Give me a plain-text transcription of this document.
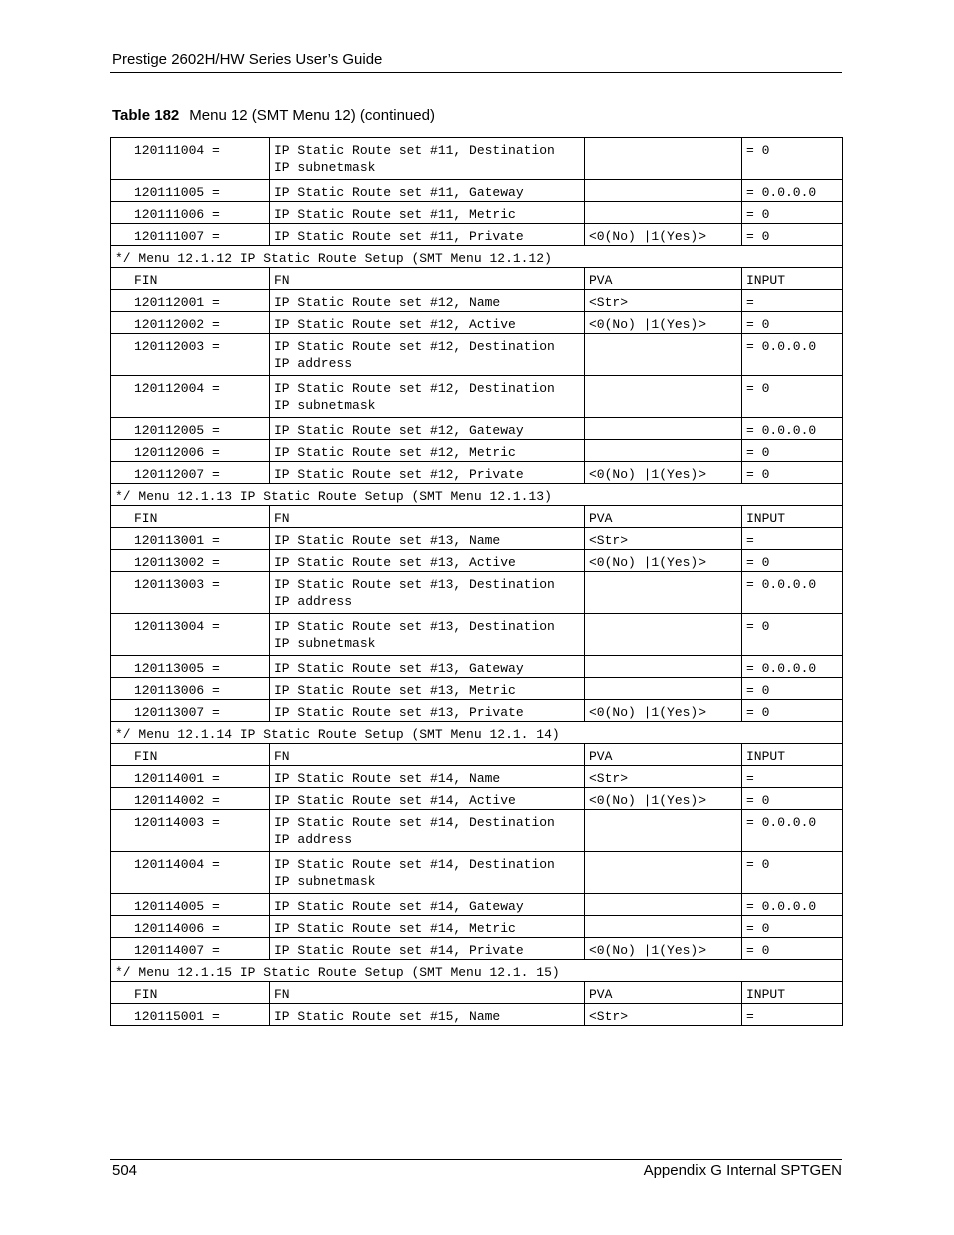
Prestige 2602H/HW Series User’s Guide
Table 182 Menu 12 (SMT Menu 12) (continued)
120111004 =	IP Static Route set #11, Destination
IP subnetmask		= 0
120111005 =	IP Static Route set #11, Gateway		= 0.0.0.0
120111006 =	IP Static Route set #11, Metric		= 0
120111007 =	IP Static Route set #11, Private	<0(No) |1(Yes)>	= 0
*/ Menu 12.1.12 IP Static Route Setup (SMT Menu 12.1.12)			
FIN	FN	PVA	INPUT
120112001 =	IP Static Route set #12, Name	<Str>	=
120112002 =	IP Static Route set #12, Active	<0(No) |1(Yes)>	= 0
120112003 =	IP Static Route set #12, Destination
IP address		= 0.0.0.0
120112004 =	IP Static Route set #12, Destination
IP subnetmask		= 0
120112005 =	IP Static Route set #12, Gateway		= 0.0.0.0
120112006 =	IP Static Route set #12, Metric		= 0
120112007 =	IP Static Route set #12, Private	<0(No) |1(Yes)>	= 0
*/ Menu 12.1.13 IP Static Route Setup (SMT Menu 12.1.13)			
FIN	FN	PVA	INPUT
120113001 =	IP Static Route set #13, Name	<Str>	=
120113002 =	IP Static Route set #13, Active	<0(No) |1(Yes)>	= 0
120113003 =	IP Static Route set #13, Destination
IP address		= 0.0.0.0
120113004 =	IP Static Route set #13, Destination
IP subnetmask		= 0
120113005 =	IP Static Route set #13, Gateway		= 0.0.0.0
120113006 =	IP Static Route set #13, Metric		= 0
120113007 =	IP Static Route set #13, Private	<0(No) |1(Yes)>	= 0
*/ Menu 12.1.14 IP Static Route Setup (SMT Menu 12.1. 14)			
FIN	FN	PVA	INPUT
120114001 =	IP Static Route set #14, Name	<Str>	=
120114002 =	IP Static Route set #14, Active	<0(No) |1(Yes)>	= 0
120114003 =	IP Static Route set #14, Destination
IP address		= 0.0.0.0
120114004 =	IP Static Route set #14, Destination
IP subnetmask		= 0
120114005 =	IP Static Route set #14, Gateway		= 0.0.0.0
120114006 =	IP Static Route set #14, Metric		= 0
120114007 =	IP Static Route set #14, Private	<0(No) |1(Yes)>	= 0
*/ Menu 12.1.15 IP Static Route Setup (SMT Menu 12.1. 15)			
FIN	FN	PVA	INPUT
120115001 =	IP Static Route set #15, Name	<Str>	=
504	Appendix G Internal SPTGEN
